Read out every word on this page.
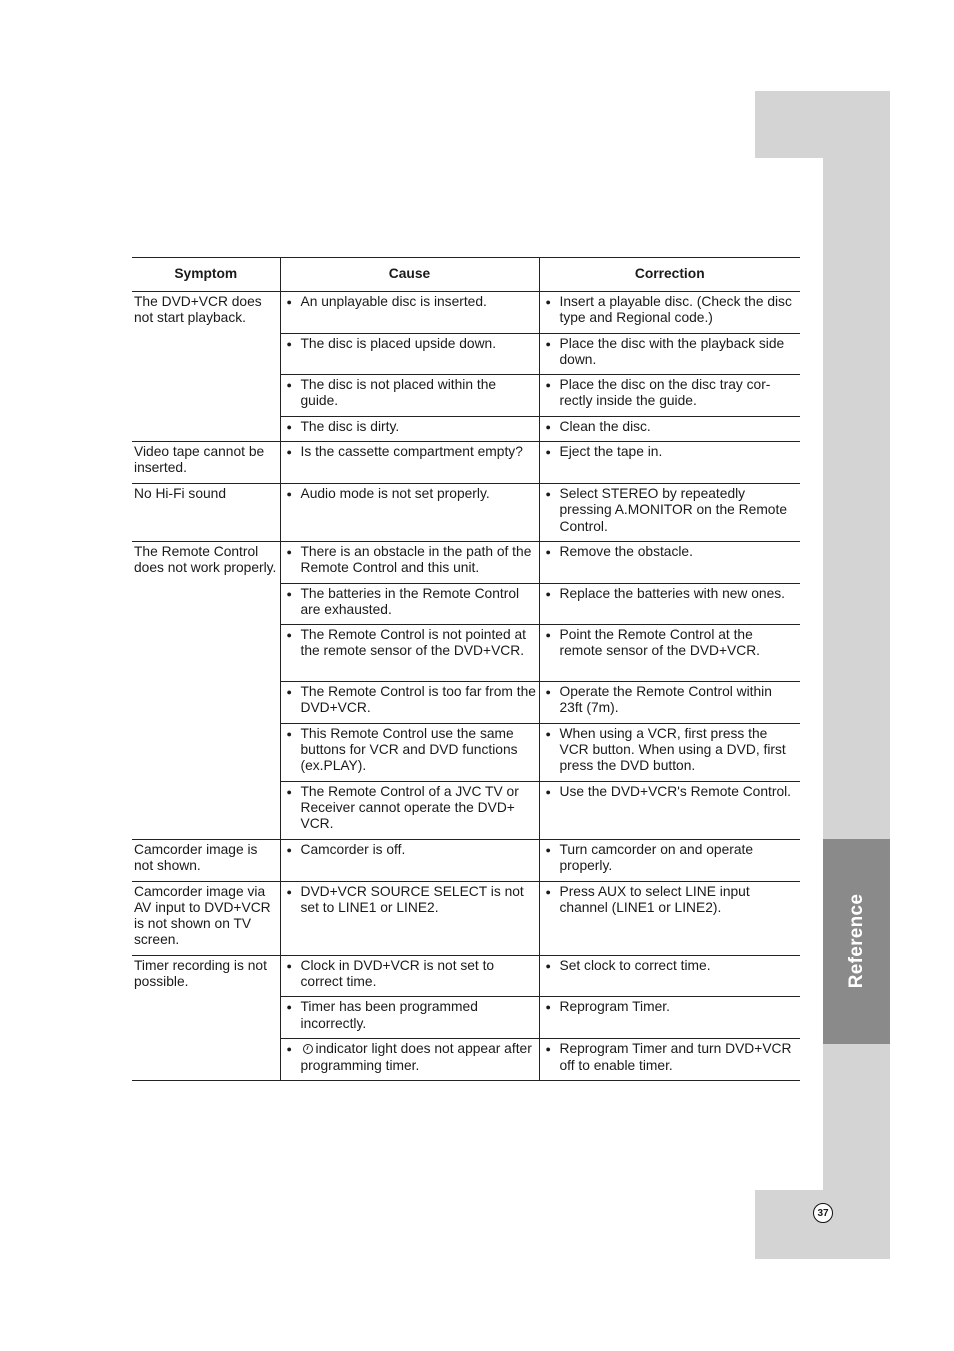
Reference
37
Symptom	Cause	Correction
The DVD+VCR does not start playback.	● An unplayable disc is inserted.	● Insert a playable disc. (Check the disc type and Regional code.)

	● The disc is placed upside down.	● Place the disc with the playback side down.

	● The disc is not placed within the guide.	● Place the disc on the disc tray cor-rectly inside the guide.

	● The disc is dirty.	● Clean the disc.

Video tape cannot be inserted.	● Is the cassette compartment empty?	● Eject the tape in.

No Hi-Fi sound	● Audio mode is not set properly.	● Select STEREO by repeatedly pressing A.MONITOR on the Remote Control.

The Remote Control does not work properly.	● There is an obstacle in the path of the Remote Control and this unit.	● Remove the obstacle.

	● The batteries in the Remote Control are exhausted.	● Replace the batteries with new ones.

	● The Remote Control is not pointed at the remote sensor of the DVD+VCR.	● Point the Remote Control at the remote sensor of the DVD+VCR.

	● The Remote Control is too far from the DVD+VCR.	● Operate the Remote Control within 23ft (7m).

	● This Remote Control use the same buttons for VCR and DVD functions (ex.PLAY).	● When using a VCR, first press the VCR button. When using a DVD, first press the DVD button.

	● The Remote Control of a JVC TV or Receiver cannot operate the DVD+ VCR.	● Use the DVD+VCR's Remote Control.

Camcorder image is not shown.	● Camcorder is off.	● Turn camcorder on and operate properly.

Camcorder image via AV input to DVD+VCR is not shown on TV screen.	● DVD+VCR SOURCE SELECT is not set to LINE1 or LINE2.	● Press AUX to select LINE input channel (LINE1 or LINE2).

Timer recording is not possible.	● Clock in DVD+VCR is not set to correct time.	● Set clock to correct time.

	● Timer has been programmed incorrectly.	● Reprogram Timer.

	● indicator light does not appear after programming timer.	● Reprogram Timer and turn DVD+VCR off to enable timer.
